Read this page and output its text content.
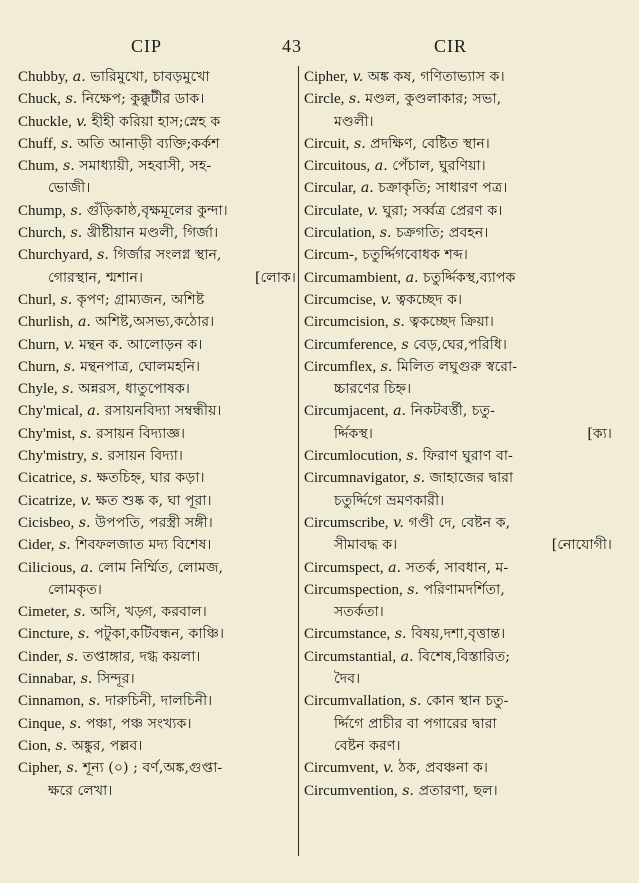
CIP	43	CIR
Chubby, a. ভারিমুখো, চাবড়মুখো
Chuck, s. নিক্ষেপ; কুক্কুটীর ডাক।
Chuckle, v. হীহী করিয়া হাস;স্নেহ ক
Chuff, s. অতি আনাড়ী ব্যক্তি;কর্কশ
Chum, s. সমাধ্যায়ী, সহবাসী, সহ-
ভোজী।
Chump, s. গুঁড়িকাষ্ঠ,বৃক্ষমূলের কুন্দা।
Church, s. খ্রীষ্টীয়ান মণ্ডলী, গির্জা।
Churchyard, s. গির্জার সংলগ্ন স্থান,
[লোক।
গোরস্থান, শ্মশান।
Churl, s. কৃপণ; গ্রাম্যজন, অশিষ্ট
Churlish, a. অশিষ্ট,অসভ্য,কঠোর।
Churn, v. মন্থন ক. আলোড়ন ক।
Churn, s. মন্থনপাত্র, ঘোলমহনি।
Chyle, s. অন্নরস, ধাতুপোষক।
Chy'mical, a. রসায়নবিদ্যা সম্বন্ধীয়।
Chy'mist, s. রসায়ন বিদ্যাজ্ঞ।
Chy'mistry, s. রসায়ন বিদ্যা।
Cicatrice, s. ক্ষতচিহ্ন, ঘার কড়া।
Cicatrize, v. ক্ষত শুষ্ক ক, ঘা পূরা।
Cicisbeo, s. উপপতি, পরস্ত্রী সঙ্গী।
Cider, s. শিবফলজাত মদ্য বিশেষ।
Cilicious, a. লোম নির্ম্মিত, লোমজ,
লোমকৃত।
Cimeter, s. অসি, খড়্গ, করবাল।
Cincture, s. পটুকা,কটিবন্ধন, কাঞ্চি।
Cinder, s. তপ্তাঙ্গার, দগ্ধ কয়লা।
Cinnabar, s. সিন্দূর।
Cinnamon, s. দারুচিনী, দালচিনী।
Cinque, s. পঞ্চা, পঞ্চ সংখ্যক।
Cion, s. অঙ্কুর, পল্লব।
Cipher, s. শূন্য (০) ; বর্ণ,অঙ্ক,গুপ্তা-
ক্ষরে লেখা।
Cipher, v. অঙ্ক কষ, গণিতাভ্যাস ক।
Circle, s. মণ্ডল, কুণ্ডলাকার; সভা,
মণ্ডলী।
Circuit, s. প্রদক্ষিণ, বেষ্টিত স্থান।
Circuitous, a. পেঁচাল, ঘুরণিয়া।
Circular, a. চক্রাকৃতি; সাধারণ পত্র।
Circulate, v. ঘুরা; সর্ব্বত্র প্রেরণ ক।
Circulation, s. চক্রগতি; প্রবহন।
Circum-, চতুর্দ্দিগবোধক শব্দ।
Circumambient, a. চতুর্দ্দিকস্থ,ব্যাপক
Circumcise, v. ত্বকচ্ছেদ ক।
Circumcision, s. ত্বকচ্ছেদ ক্রিয়া।
Circumference, s বেড়,ঘের,পরিধি।
Circumflex, s. মিলিত লঘুগুরু স্বরো-
চ্চারণের চিহ্ন।
Circumjacent, a. নিকটবর্ত্তী, চতু-
[ক্য।
র্দ্দিকস্থ।
Circumlocution, s. ফিরাণ ঘুরাণ বা-
Circumnavigator, s. জাহাজের দ্বারা
চতুর্দ্দিগে ভ্রমণকারী।
Circumscribe, v. গণ্ডী দে, বেষ্টন ক,
[নোযোগী।
সীমাবদ্ধ ক।
Circumspect, a. সতর্ক, সাবধান, ম-
Circumspection, s. পরিণামদর্শিতা,
সতর্কতা।
Circumstance, s. বিষয়,দশা,বৃত্তান্ত।
Circumstantial, a. বিশেষ,বিস্তারিত;
দৈব।
Circumvallation, s. কোন স্থান চতু-
র্দ্দিগে প্রাচীর বা পগারের দ্বারা
বেষ্টন করণ।
Circumvent, v. ঠক, প্রবঞ্চনা ক।
Circumvention, s. প্রতারণা, ছল।
